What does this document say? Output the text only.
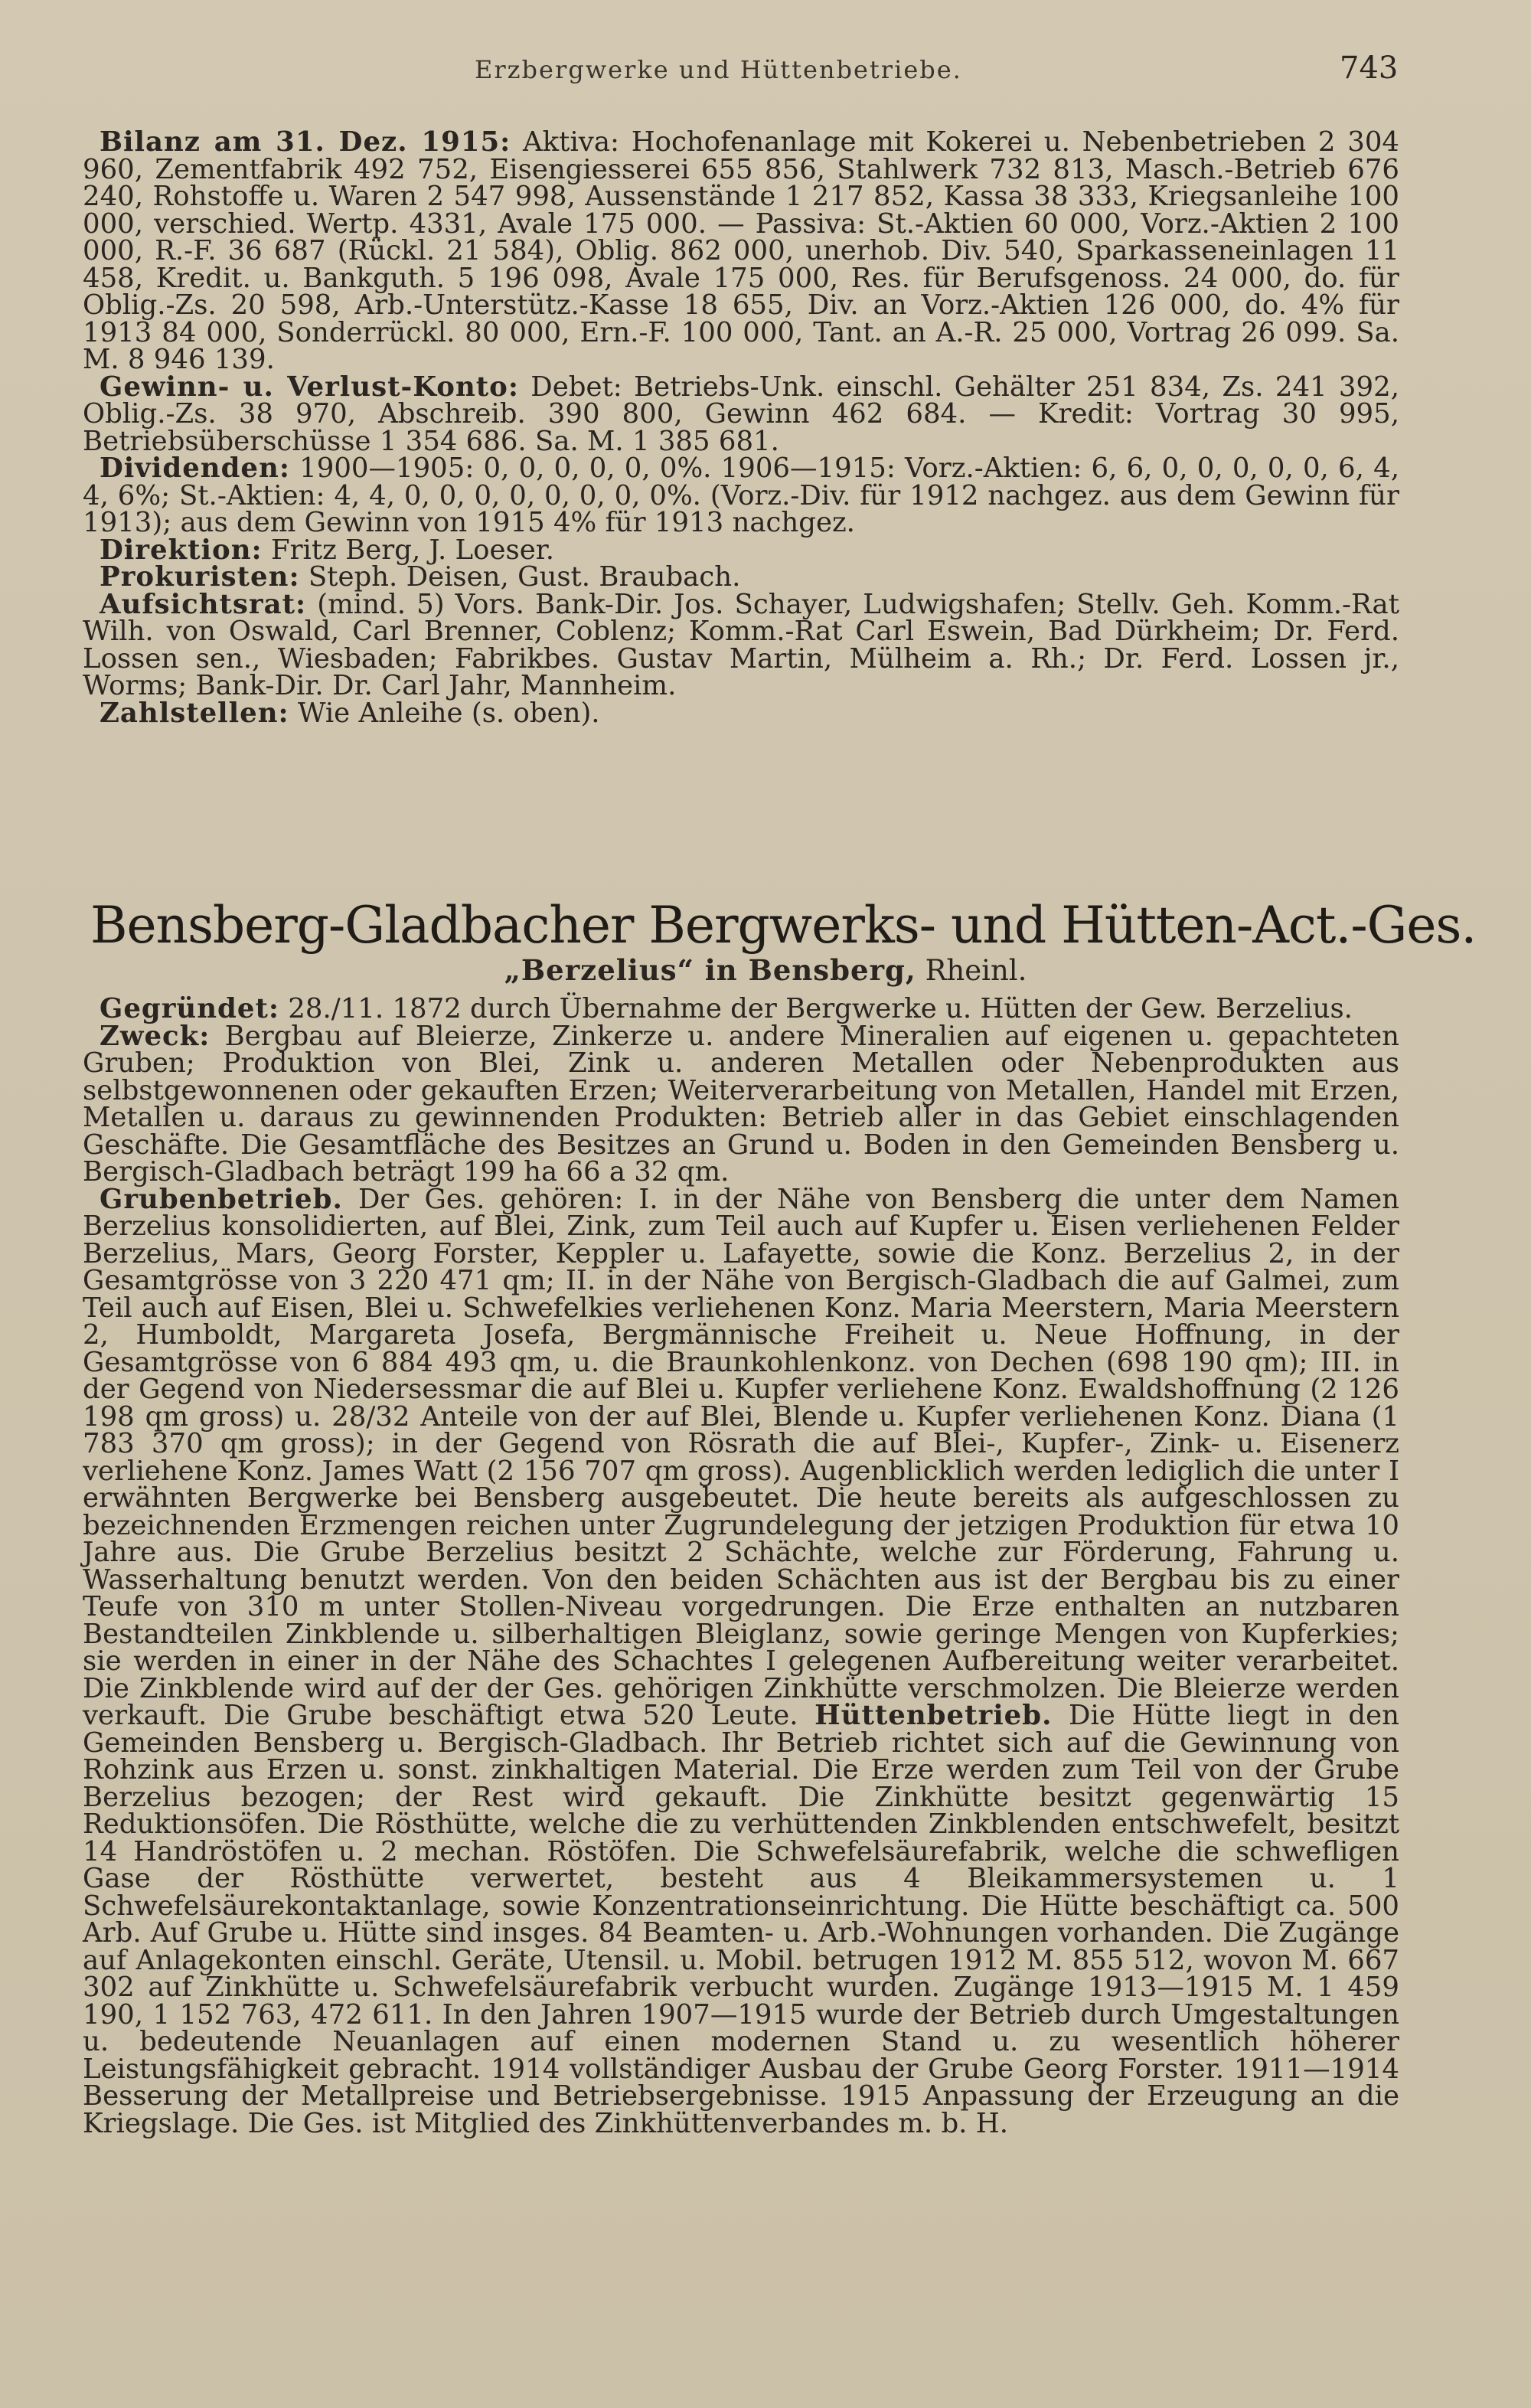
Erzbergwerke und Hüttenbetriebe.	743

Bilanz am 31. Dez. 1915: Aktiva: Hochofenanlage mit Kokerei u. Nebenbetrieben 2 304 960, Zementfabrik 492 752, Eisengiesserei 655 856, Stahlwerk 732 813, Masch.-Betrieb 676 240, Rohstoffe u. Waren 2 547 998, Aussenstände 1 217 852, Kassa 38 333, Kriegsanleihe 100 000, verschied. Wertp. 4331, Avale 175 000. — Passiva: St.-Aktien 60 000, Vorz.-Aktien 2 100 000, R.-F. 36 687 (Rückl. 21 584), Oblig. 862 000, unerhob. Div. 540, Sparkasseneinlagen 11 458, Kredit. u. Bankguth. 5 196 098, Avale 175 000, Res. für Berufsgenoss. 24 000, do. für Oblig.-Zs. 20 598, Arb.-Unterstütz.-Kasse 18 655, Div. an Vorz.-Aktien 126 000, do. 4% für 1913 84 000, Sonderrückl. 80 000, Ern.-F. 100 000, Tant. an A.-R. 25 000, Vortrag 26 099. Sa. M. 8 946 139.

Gewinn- u. Verlust-Konto: Debet: Betriebs-Unk. einschl. Gehälter 251 834, Zs. 241 392, Oblig.-Zs. 38 970, Abschreib. 390 800, Gewinn 462 684. — Kredit: Vortrag 30 995, Betriebsüberschüsse 1 354 686. Sa. M. 1 385 681.

Dividenden: 1900—1905: 0, 0, 0, 0, 0, 0%. 1906—1915: Vorz.-Aktien: 6, 6, 0, 0, 0, 0, 0, 6, 4, 4, 6%; St.-Aktien: 4, 4, 0, 0, 0, 0, 0, 0, 0, 0%. (Vorz.-Div. für 1912 nachgez. aus dem Gewinn für 1913); aus dem Gewinn von 1915 4% für 1913 nachgez.

Direktion: Fritz Berg, J. Loeser.

Prokuristen: Steph. Deisen, Gust. Braubach.

Aufsichtsrat: (mind. 5) Vors. Bank-Dir. Jos. Schayer, Ludwigshafen; Stellv. Geh. Komm.-Rat Wilh. von Oswald, Carl Brenner, Coblenz; Komm.-Rat Carl Eswein, Bad Dürkheim; Dr. Ferd. Lossen sen., Wiesbaden; Fabrikbes. Gustav Martin, Mülheim a. Rh.; Dr. Ferd. Lossen jr., Worms; Bank-Dir. Dr. Carl Jahr, Mannheim.

Zahlstellen: Wie Anleihe (s. oben).

Bensberg-Gladbacher Bergwerks- und Hütten-Act.-Ges.
„Berzelius“ in Bensberg, Rheinl.

Gegründet: 28./11. 1872 durch Übernahme der Bergwerke u. Hütten der Gew. Berzelius.

Zweck: Bergbau auf Bleierze, Zinkerze u. andere Mineralien auf eigenen u. gepachteten Gruben; Produktion von Blei, Zink u. anderen Metallen oder Nebenprodukten aus selbstgewonnenen oder gekauften Erzen; Weiterverarbeitung von Metallen, Handel mit Erzen, Metallen u. daraus zu gewinnenden Produkten: Betrieb aller in das Gebiet einschlagenden Geschäfte. Die Gesamtfläche des Besitzes an Grund u. Boden in den Gemeinden Bensberg u. Bergisch-Gladbach beträgt 199 ha 66 a 32 qm.

Grubenbetrieb. Der Ges. gehören: I. in der Nähe von Bensberg die unter dem Namen Berzelius konsolidierten, auf Blei, Zink, zum Teil auch auf Kupfer u. Eisen verliehenen Felder Berzelius, Mars, Georg Forster, Keppler u. Lafayette, sowie die Konz. Berzelius 2, in der Gesamtgrösse von 3 220 471 qm; II. in der Nähe von Bergisch-Gladbach die auf Galmei, zum Teil auch auf Eisen, Blei u. Schwefelkies verliehenen Konz. Maria Meerstern, Maria Meerstern 2, Humboldt, Margareta Josefa, Bergmännische Freiheit u. Neue Hoffnung, in der Gesamtgrösse von 6 884 493 qm, u. die Braunkohlenkonz. von Dechen (698 190 qm); III. in der Gegend von Niedersessmar die auf Blei u. Kupfer verliehene Konz. Ewaldshoffnung (2 126 198 qm gross) u. 28/32 Anteile von der auf Blei, Blende u. Kupfer verliehenen Konz. Diana (1 783 370 qm gross); in der Gegend von Rösrath die auf Blei-, Kupfer-, Zink- u. Eisenerz verliehene Konz. James Watt (2 156 707 qm gross). Augenblicklich werden lediglich die unter I erwähnten Bergwerke bei Bensberg ausgebeutet. Die heute bereits als aufgeschlossen zu bezeichnenden Erzmengen reichen unter Zugrundelegung der jetzigen Produktion für etwa 10 Jahre aus. Die Grube Berzelius besitzt 2 Schächte, welche zur Förderung, Fahrung u. Wasserhaltung benutzt werden. Von den beiden Schächten aus ist der Bergbau bis zu einer Teufe von 310 m unter Stollen-Niveau vorgedrungen. Die Erze enthalten an nutzbaren Bestandteilen Zinkblende u. silberhaltigen Bleiglanz, sowie geringe Mengen von Kupferkies; sie werden in einer in der Nähe des Schachtes I gelegenen Aufbereitung weiter verarbeitet. Die Zinkblende wird auf der der Ges. gehörigen Zinkhütte verschmolzen. Die Bleierze werden verkauft. Die Grube beschäftigt etwa 520 Leute. Hüttenbetrieb. Die Hütte liegt in den Gemeinden Bensberg u. Bergisch-Gladbach. Ihr Betrieb richtet sich auf die Gewinnung von Rohzink aus Erzen u. sonst. zinkhaltigen Material. Die Erze werden zum Teil von der Grube Berzelius bezogen; der Rest wird gekauft. Die Zinkhütte besitzt gegenwärtig 15 Reduktionsöfen. Die Rösthütte, welche die zu verhüttenden Zinkblenden entschwefelt, besitzt 14 Handröstöfen u. 2 mechan. Röstöfen. Die Schwefelsäurefabrik, welche die schwefligen Gase der Rösthütte verwertet, besteht aus 4 Bleikammersystemen u. 1 Schwefelsäurekontaktanlage, sowie Konzentrationseinrichtung. Die Hütte beschäftigt ca. 500 Arb. Auf Grube u. Hütte sind insges. 84 Beamten- u. Arb.-Wohnungen vorhanden. Die Zugänge auf Anlagekonten einschl. Geräte, Utensil. u. Mobil. betrugen 1912 M. 855 512, wovon M. 667 302 auf Zinkhütte u. Schwefelsäurefabrik verbucht wurden. Zugänge 1913—1915 M. 1 459 190, 1 152 763, 472 611. In den Jahren 1907—1915 wurde der Betrieb durch Umgestaltungen u. bedeutende Neuanlagen auf einen modernen Stand u. zu wesentlich höherer Leistungsfähigkeit gebracht. 1914 vollständiger Ausbau der Grube Georg Forster. 1911—1914 Besserung der Metallpreise und Betriebsergebnisse. 1915 Anpassung der Erzeugung an die Kriegslage. Die Ges. ist Mitglied des Zinkhüttenverbandes m. b. H.
